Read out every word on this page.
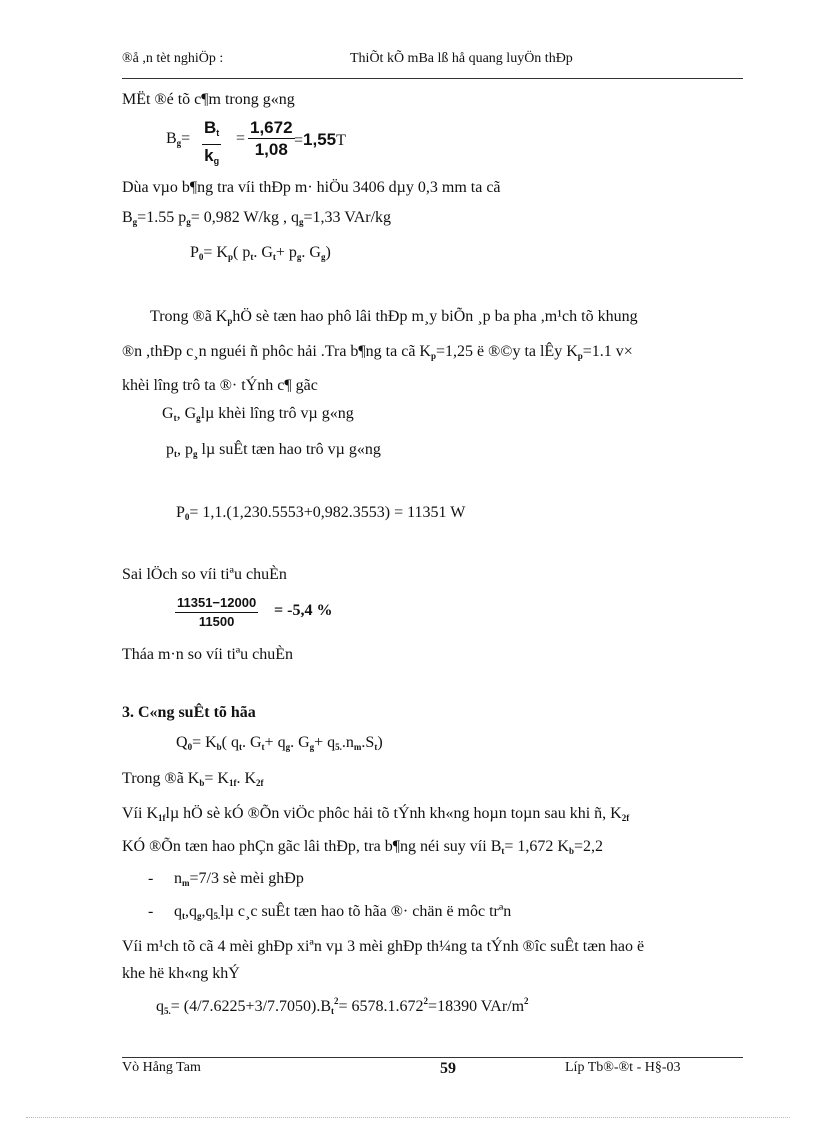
®å ,n tèt nghiÖp :	ThiÕt kÕ mBa lß hå quang luyÖn thÐp
MËt ®é tõ c¶m trong g«ng
$B_g= \frac{B_t}{k_g} = \frac{1,672}{1,08} =1,55T$
Dùa vµo b¶ng tra víi thÐp m· hiÖu 3406 dµy 0,3 mm ta cã
$B_g=1.55$ $p_g= 0,982$ W/kg , $q_g=1,33$ VAr/kg
$P_0= K_p$( $p_t$. $G_t+ p_g$. $G_g$)
Trong ®ã $K_phÖ$ sè tæn hao phô lâi thÐp m¸y biÕn ¸p ba pha ,m¹ch tõ khung
®n ,thÐp c¸n nguéi ñ phôc hải .Tra b¶ng ta cã $K_p=1,25$ ë ®©y ta lÊy $K_p=1.1$ v×
khèi lîng trô ta ®· tÝnh c¶ gãc
$G_t$, $G_gl\mu$ khèi lîng trô vµ g«ng
$p_t$, $p_g$ lµ suÊt tæn hao trô vµ g«ng
$P_0= 1,1.(1,230.5553+0,982.3553) = 11351$ W
Sai lÖch so víi tiªu chuÈn
$\frac{11351-12000}{11500} = -5,4$ %
Tháa m·n so víi tiªu chuÈn
3. C«ng suÊt tõ hãa
$Q_0= K_b$( $q_t$. $G_t+ q_g$. $G_g+ q_{5.}.n_m.S_t$)
Trong ®ã $K_b= K_{1f}$. $K_{2f}$
Víi $K_{1f}l\mu$ hÖ sè kÓ ®Õn viÖc phôc hải tõ tÝnh kh«ng hoµn toµn sau khi ñ, $K_{2f}$
KÓ ®Õn tæn hao phÇn gãc lâi thÐp, tra b¶ng néi suy víi $B_t= 1,672$ $K_b=2,2$
- $n_m=7/3$ sè mèi ghÐp
- $q_t,q_g,q_{5.}l\mu$ c¸c suÊt tæn hao tõ hãa ®· chän ë môc trªn
Víi m¹ch tõ cã 4 mèi ghÐp xiªn vµ 3 mèi ghÐp th¼ng ta tÝnh ®îc suÊt tæn hao ë
khe hë kh«ng khÝ
$q_{5.}= (4/7.6225+3/7.7050).B_t^2= 6578.1.672^2=18390$ VAr/$m^2$
Vò Hång Tam	59	Líp Tb®-®t - H§-03
